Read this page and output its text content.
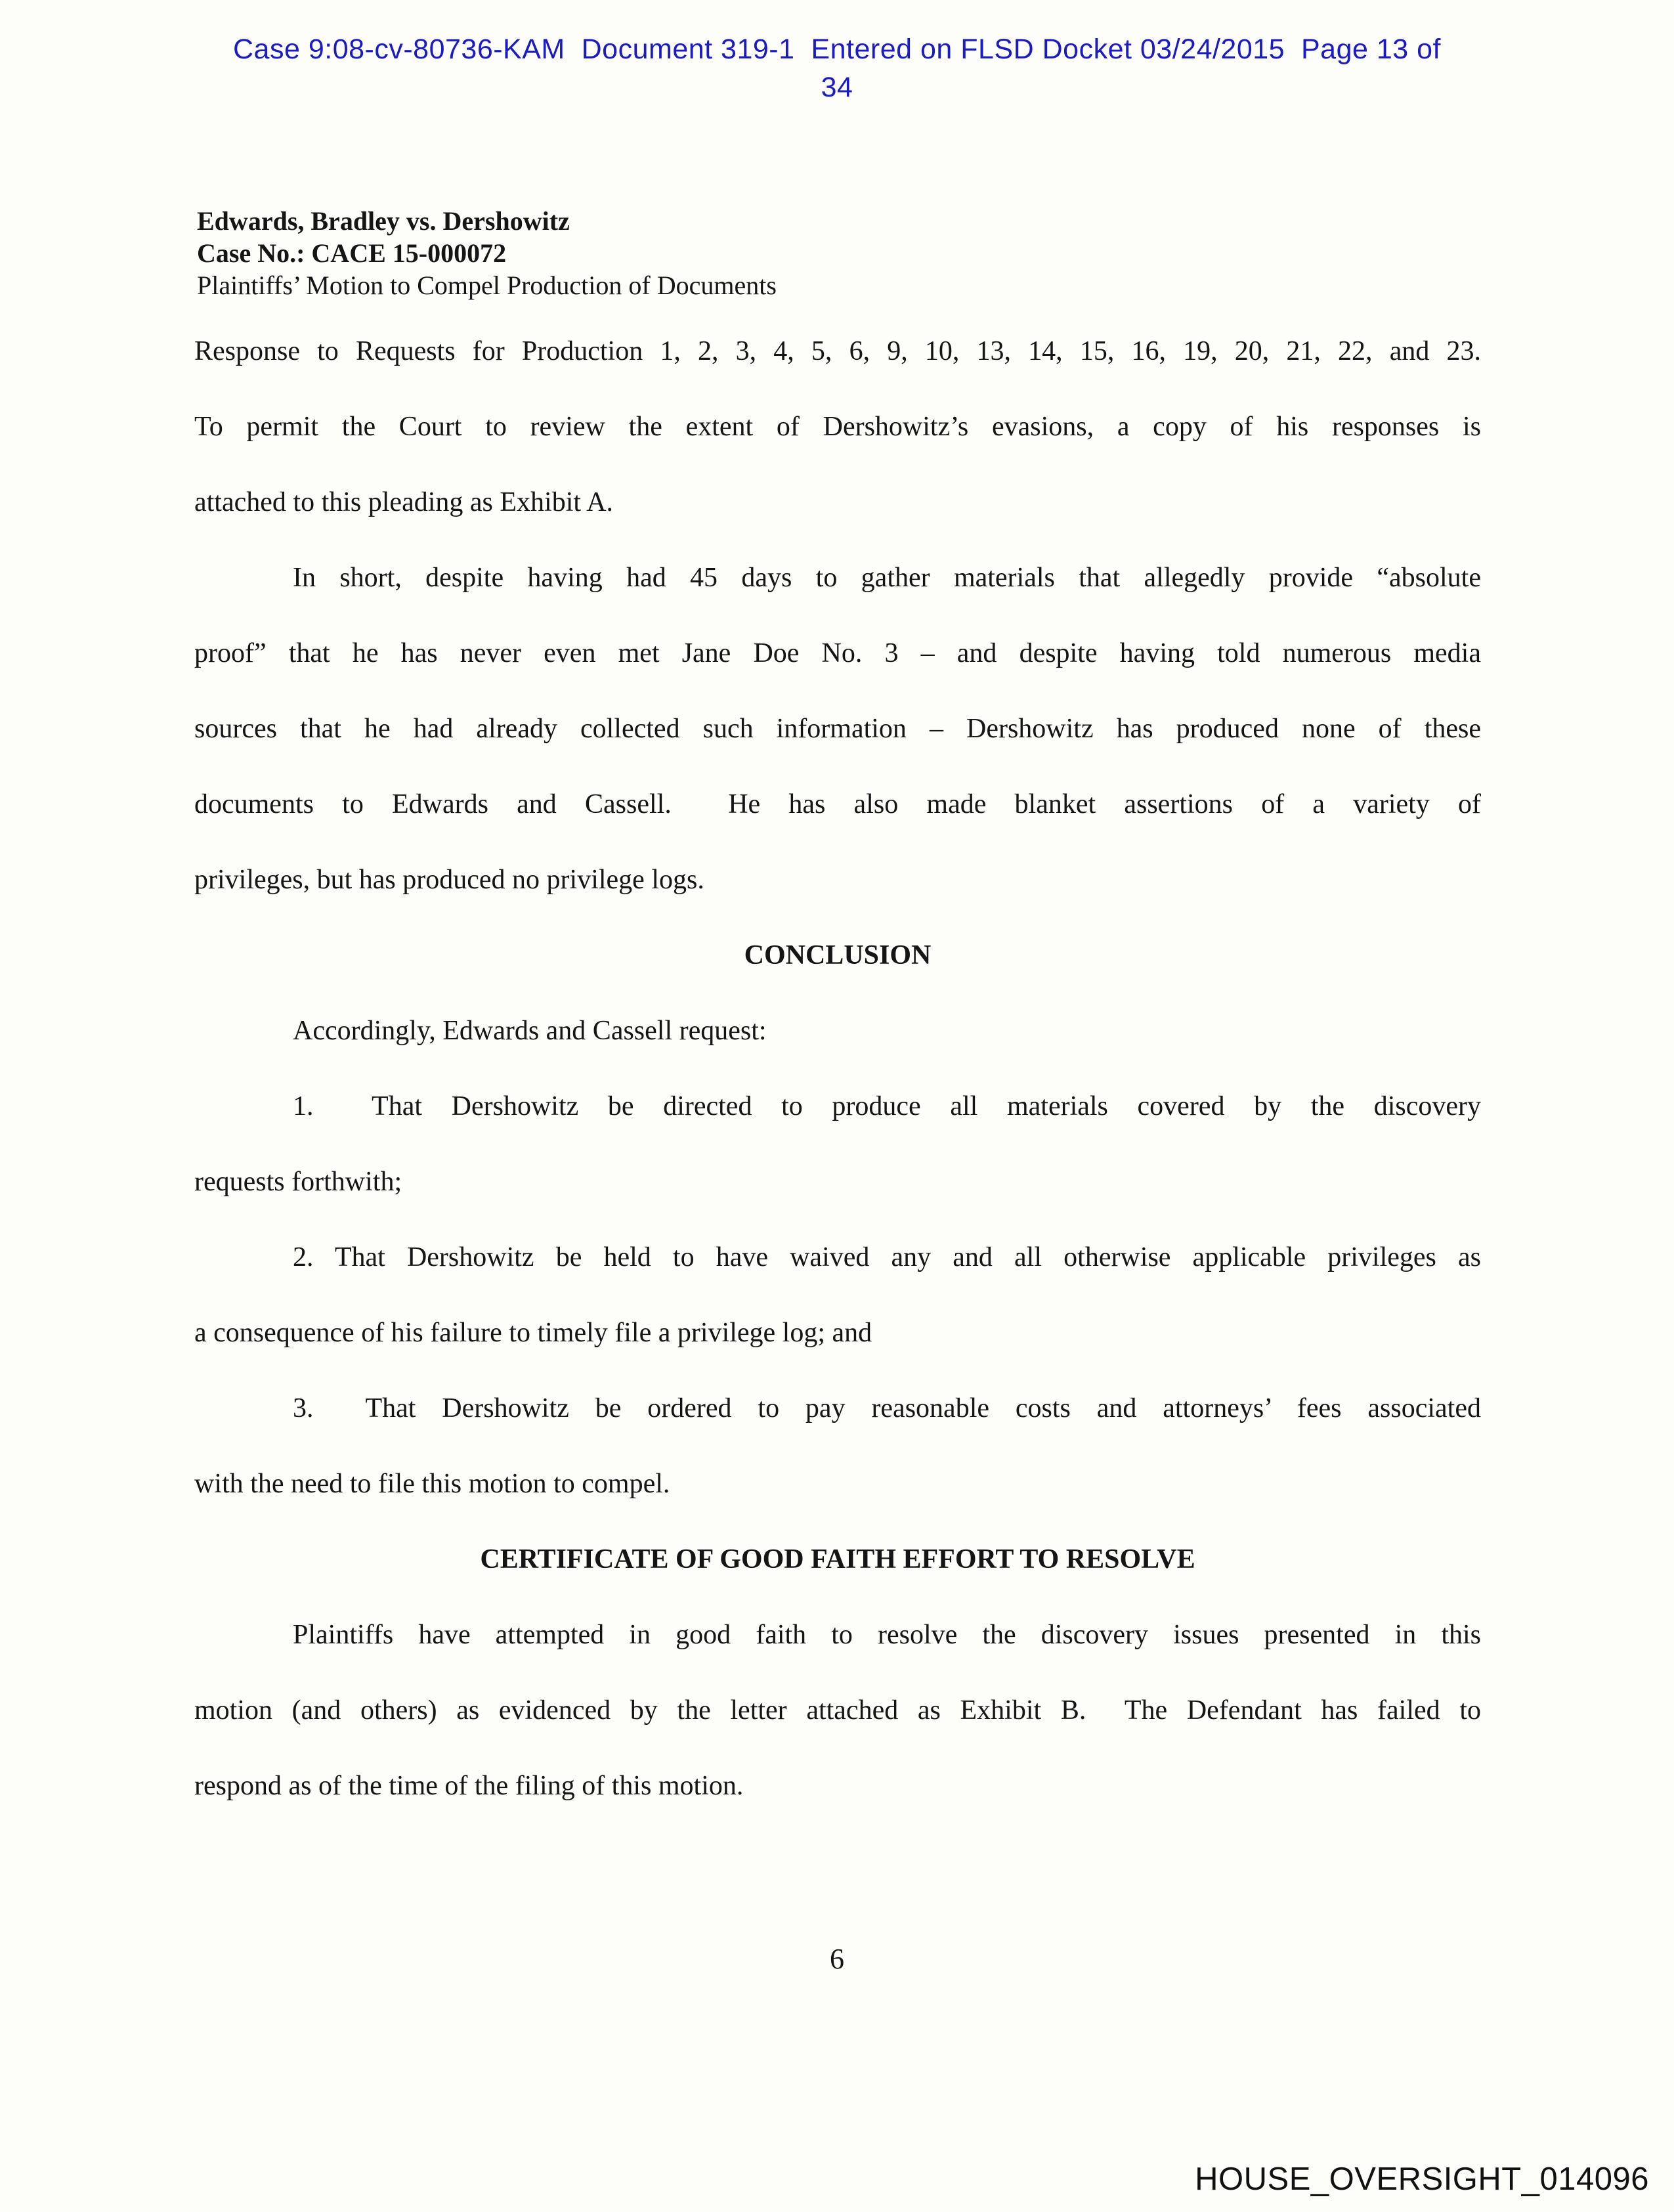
Case 9:08-cv-80736-KAM  Document 319-1  Entered on FLSD Docket 03/24/2015  Page 13 of
34
Edwards, Bradley vs. Dershowitz
Case No.: CACE 15-000072
Plaintiffs’ Motion to Compel Production of Documents
Response to Requests for Production 1, 2, 3, 4, 5, 6, 9, 10, 13, 14, 15, 16, 19, 20, 21, 22, and 23.
To permit the Court to review the extent of Dershowitz’s evasions, a copy of his responses is
attached to this pleading as Exhibit A.
In short, despite having had 45 days to gather materials that allegedly provide “absolute
proof” that he has never even met Jane Doe No. 3 – and despite having told numerous media
sources that he had already collected such information – Dershowitz has produced none of these
documents to Edwards and Cassell.  He has also made blanket assertions of a variety of
privileges, but has produced no privilege logs.
CONCLUSION
Accordingly, Edwards and Cassell request:
1.  That Dershowitz be directed to produce all materials covered by the discovery
requests forthwith;
2. That Dershowitz be held to have waived any and all otherwise applicable privileges as
a consequence of his failure to timely file a privilege log; and
3.  That Dershowitz be ordered to pay reasonable costs and attorneys’ fees associated
with the need to file this motion to compel.
CERTIFICATE OF GOOD FAITH EFFORT TO RESOLVE
Plaintiffs have attempted in good faith to resolve the discovery issues presented in this
motion (and others) as evidenced by the letter attached as Exhibit B.  The Defendant has failed to
respond as of the time of the filing of this motion.
6
HOUSE_OVERSIGHT_014096
